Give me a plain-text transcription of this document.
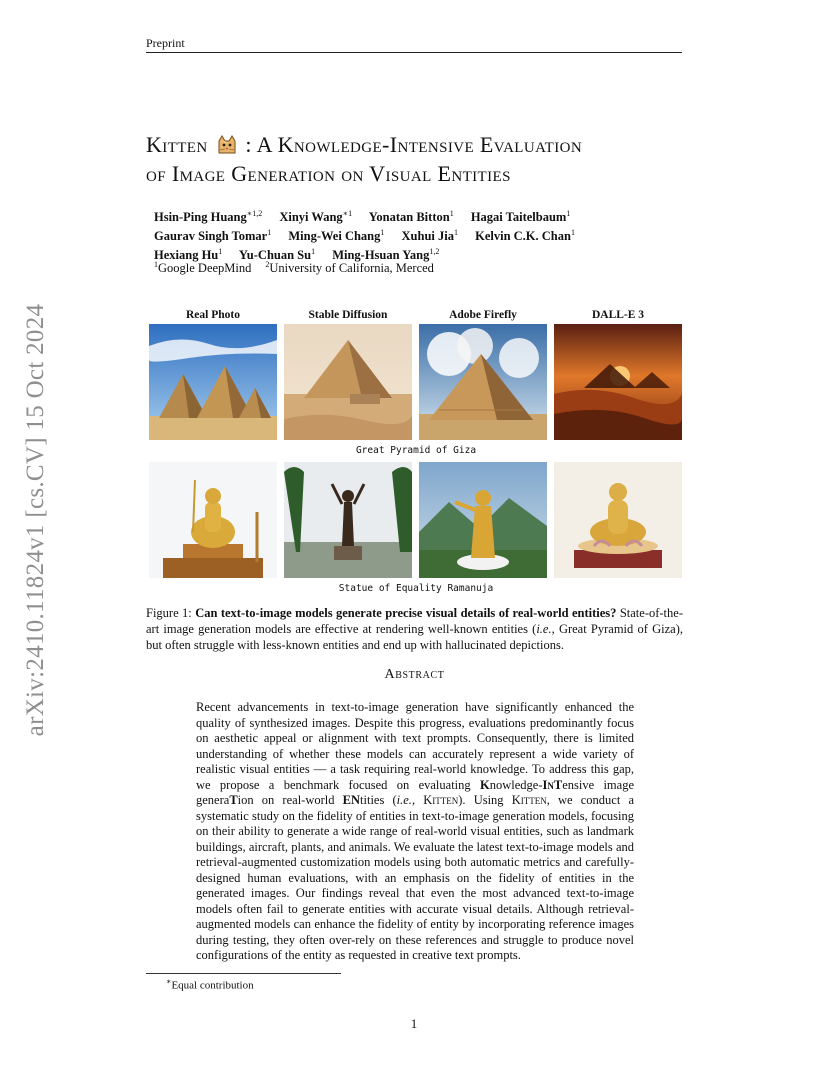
Preprint
arXiv:2410.11824v1 [cs.CV] 15 Oct 2024
Kitten : A Knowledge-Intensive Evaluation
of Image Generation on Visual Entities
Hsin-Ping Huang$^{∗1,2}$ Xinyi Wang$^{∗1}$ Yonatan Bitton$^1$ Hagai Taitelbaum$^1$
Gaurav Singh Tomar$^1$ Ming-Wei Chang$^1$ Xuhui Jia$^1$ Kelvin C.K. Chan$^1$
Hexiang Hu$^1$ Yu-Chuan Su$^1$ Ming-Hsuan Yang$^{1,2}$
$^1$Google DeepMind $^2$University of California, Merced
Real Photo	Stable Diffusion	Adobe Firefly	DALL-E 3
Great Pyramid of Giza
Statue of Equality Ramanuja
Figure 1: Can text-to-image models generate precise visual details of real-world entities? State-of-the-art image generation models are effective at rendering well-known entities (i.e., Great Pyramid of Giza), but often struggle with less-known entities and end up with hallucinated depictions.
Abstract
Recent advancements in text-to-image generation have significantly enhanced the quality of synthesized images. Despite this progress, evaluations predominantly focus on aesthetic appeal or alignment with text prompts. Consequently, there is limited understanding of whether these models can accurately represent a wide variety of realistic visual entities — a task requiring real-world knowledge. To address this gap, we propose a benchmark focused on evaluating Knowledge-InTensive image generaTion on real-world ENtities (i.e., Kitten). Using Kitten, we conduct a systematic study on the fidelity of entities in text-to-image generation models, focusing on their ability to generate a wide range of real-world visual entities, such as landmark buildings, aircraft, plants, and animals. We evaluate the latest text-to-image models and retrieval-augmented customization models using both automatic metrics and carefully-designed human evaluations, with an emphasis on the fidelity of entities in the generated images. Our findings reveal that even the most advanced text-to-image models often fail to generate entities with accurate visual details. Although retrieval-augmented models can enhance the fidelity of entity by incorporating reference images during testing, they often over-rely on these references and struggle to produce novel configurations of the entity as requested in creative text prompts.
∗Equal contribution
1
